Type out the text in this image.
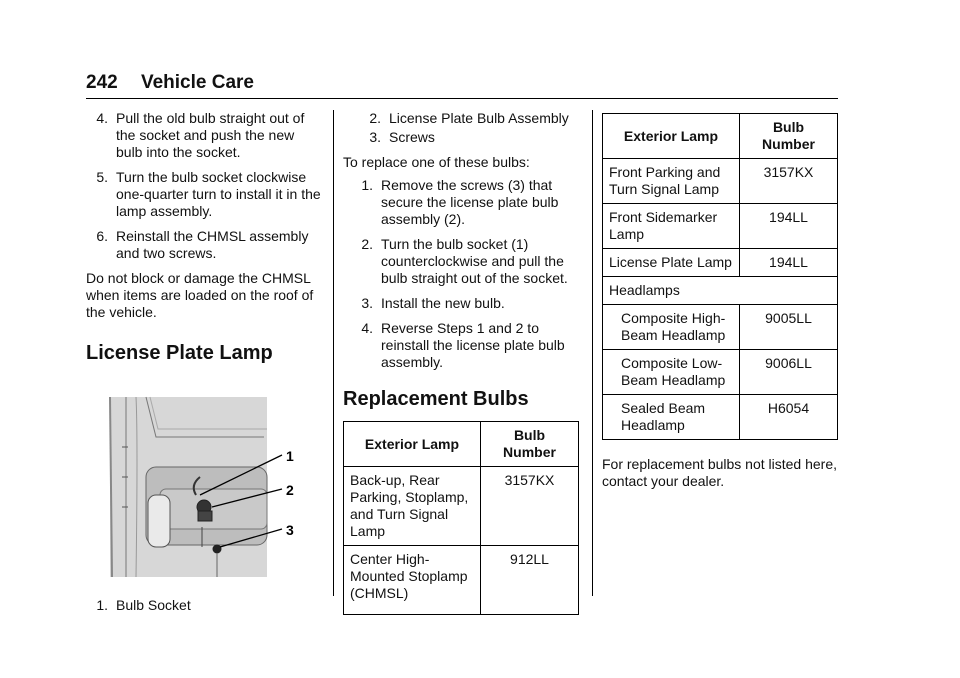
242 Vehicle Care
4. Pull the old bulb straight out of the socket and push the new bulb into the socket.
5. Turn the bulb socket clockwise one-quarter turn to install it in the lamp assembly.
6. Reinstall the CHMSL assembly and two screws.

Do not block or damage the CHMSL when items are loaded on the roof of the vehicle.

License Plate Lamp

1
2
3
1. Bulb Socket
2. License Plate Bulb Assembly
3. Screws

To replace one of these bulbs:

1. Remove the screws (3) that secure the license plate bulb assembly (2).
2. Turn the bulb socket (1) counterclockwise and pull the bulb straight out of the socket.
3. Install the new bulb.
4. Reverse Steps 1 and 2 to reinstall the license plate bulb assembly.

Replacement Bulbs

Exterior Lamp	Bulb Number
Back-up, Rear Parking, Stoplamp, and Turn Signal Lamp	3157KX
Center High-Mounted Stoplamp (CHMSL)	912LL
Exterior Lamp	Bulb Number
Front Parking and Turn Signal Lamp	3157KX
Front Sidemarker Lamp	194LL
License Plate Lamp	194LL
Headlamps	
Composite High-Beam Headlamp	9005LL
Composite Low-Beam Headlamp	9006LL
Sealed Beam Headlamp	H6054

For replacement bulbs not listed here, contact your dealer.
